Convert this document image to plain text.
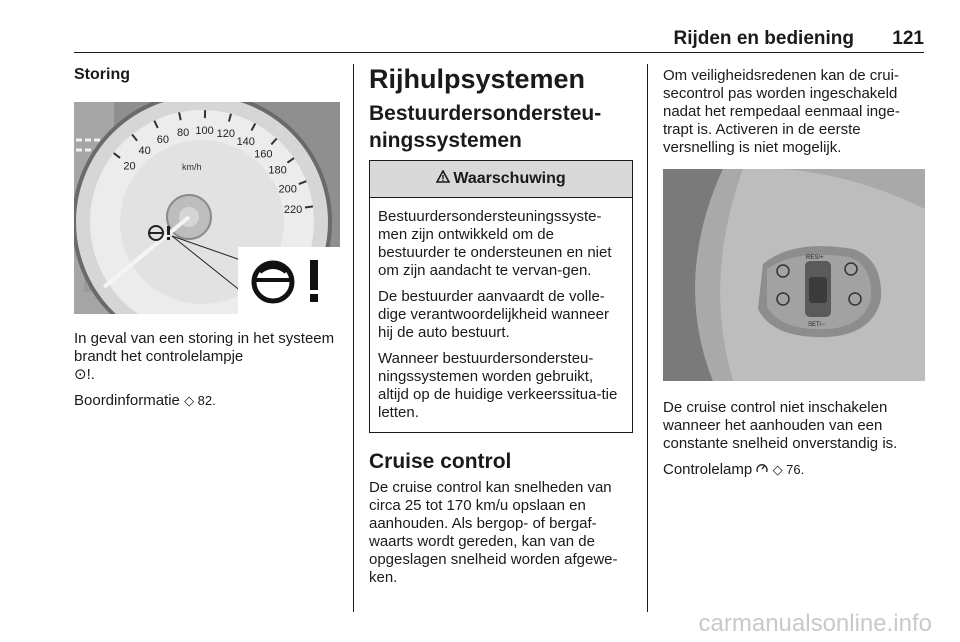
Rijden en bediening 121
Storing
km/h
20
40
60
80 100 120
140
160
180
200
220

In geval van een storing in het systeem brandt het controlelampje
⊙!.

Boordinformatie ◇ 82.

Rijhulpsystemen
Bestuurdersondersteu-
ningssystemen
Waarschuwing

Bestuurdersondersteuningssyste-men zijn ontwikkeld om de bestuurder te ondersteunen en niet om zijn aandacht te vervan-gen.

De bestuurder aanvaardt de volle-dige verantwoordelijkheid wanneer hij de auto bestuurt.

Wanneer bestuurdersondersteu-ningssystemen worden gebruikt, altijd op de huidige verkeerssitua-tie letten.

Cruise control

De cruise control kan snelheden van circa 25 tot 170 km/u opslaan en aanhouden. Als bergop- of bergaf-waarts wordt gereden, kan van de opgeslagen snelheid worden afgewe-ken.

Om veiligheidsredenen kan de crui-secontrol pas worden ingeschakeld nadat het rempedaal eenmaal inge-trapt is. Activeren in de eerste versnelling is niet mogelijk.

RES/+
SET/−

De cruise control niet inschakelen wanneer het aanhouden van een constante snelheid onverstandig is.

Controlelamp ◇ 76.

carmanualsonline.info
